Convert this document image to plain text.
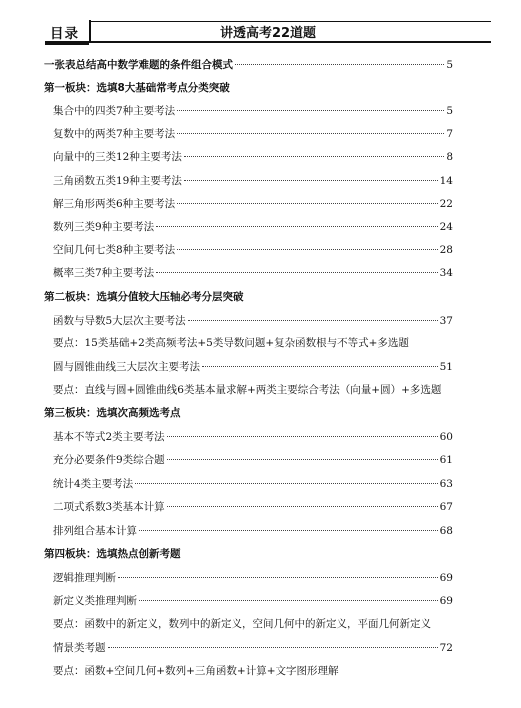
目录	讲透高考22道题
一张表总结高中数学难题的条件组合模式	5
第一板块：选填8大基础常考点分类突破
集合中的四类7种主要考法	5
复数中的两类7种主要考法	7
向量中的三类12种主要考法	8
三角函数五类19种主要考法	14
解三角形两类6种主要考法	22
数列三类9种主要考法	24
空间几何七类8种主要考法	28
概率三类7种主要考法	34
第二板块：选填分值较大压轴必考分层突破
函数与导数5大层次主要考法	37
要点：15类基础+2类高频考法+5类导数问题+复杂函数根与不等式+多选题
圆与圆锥曲线三大层次主要考法	51
要点：直线与圆+圆锥曲线6类基本量求解+两类主要综合考法（向量+圆）+多选题
第三板块：选填次高频选考点
基本不等式2类主要考法	60
充分必要条件9类综合题	61
统计4类主要考法	63
二项式系数3类基本计算	67
排列组合基本计算	68
第四板块：选填热点创新考题
逻辑推理判断	69
新定义类推理判断	69
要点：函数中的新定义，数列中的新定义，空间几何中的新定义，平面几何新定义
情景类考题	72
要点：函数+空间几何+数列+三角函数+计算+文字图形理解
